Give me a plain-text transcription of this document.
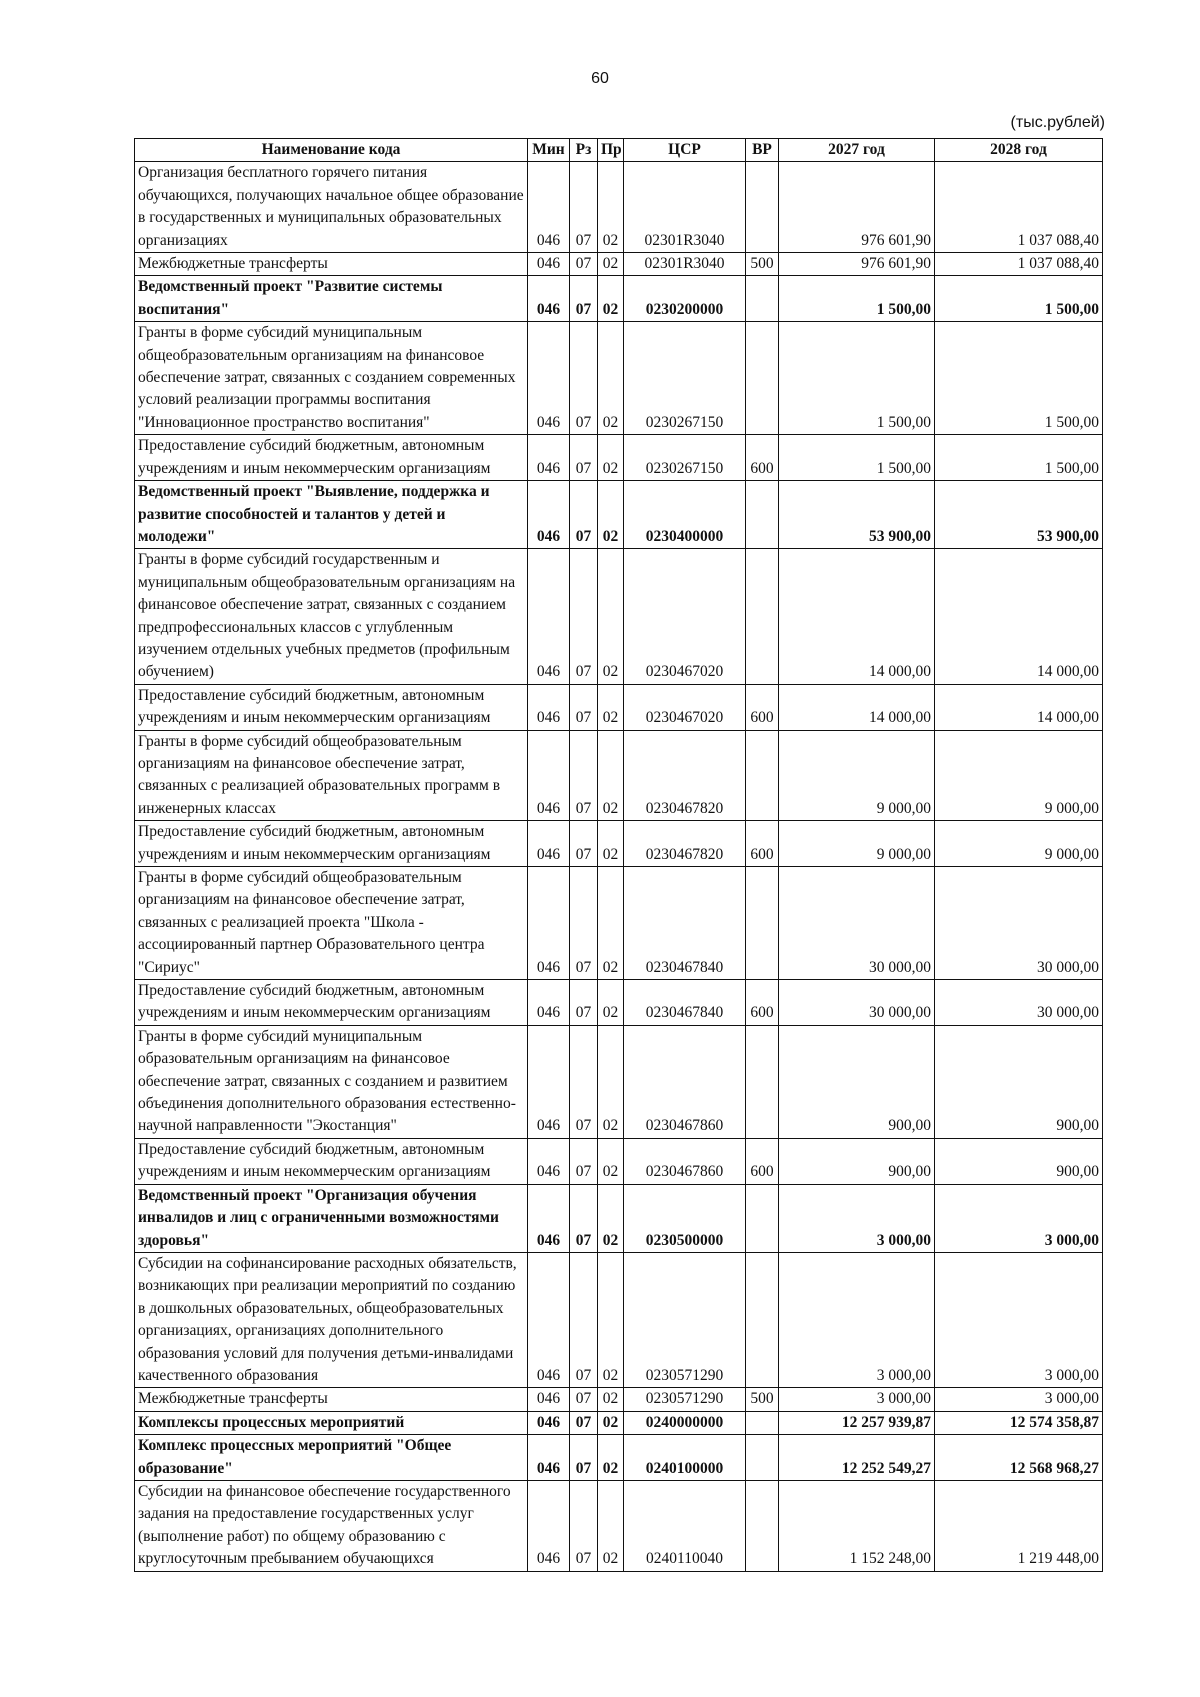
60
(тыс.рублей)
Наименование кода	Мин	Рз	Пр	ЦСР	ВР	2027 год	2028 год
Организация бесплатного горячего питания обучающихся, получающих начальное общее образование в государственных и муниципальных образовательных организациях	046	07	02	02301R3040		976 601,90	1 037 088,40
Межбюджетные трансферты	046	07	02	02301R3040	500	976 601,90	1 037 088,40
Ведомственный проект "Развитие системы воспитания"	046	07	02	0230200000		1 500,00	1 500,00
Гранты в форме субсидий муниципальным общеобразовательным организациям на финансовое обеспечение затрат, связанных с созданием современных условий реализации программы воспитания "Инновационное пространство воспитания"	046	07	02	0230267150		1 500,00	1 500,00
Предоставление субсидий бюджетным, автономным учреждениям и иным некоммерческим организациям	046	07	02	0230267150	600	1 500,00	1 500,00
Ведомственный проект "Выявление, поддержка и развитие способностей и талантов у детей и молодежи"	046	07	02	0230400000		53 900,00	53 900,00
Гранты в форме субсидий государственным и муниципальным общеобразовательным организациям на финансовое обеспечение затрат, связанных с созданием предпрофессиональных классов с углубленным изучением отдельных учебных предметов (профильным обучением)	046	07	02	0230467020		14 000,00	14 000,00
Предоставление субсидий бюджетным, автономным учреждениям и иным некоммерческим организациям	046	07	02	0230467020	600	14 000,00	14 000,00
Гранты в форме субсидий общеобразовательным организациям на финансовое обеспечение затрат, связанных с реализацией образовательных программ в инженерных классах	046	07	02	0230467820		9 000,00	9 000,00
Предоставление субсидий бюджетным, автономным учреждениям и иным некоммерческим организациям	046	07	02	0230467820	600	9 000,00	9 000,00
Гранты в форме субсидий общеобразовательным организациям на финансовое обеспечение затрат, связанных с реализацией проекта "Школа - ассоциированный партнер Образовательного центра "Сириус"	046	07	02	0230467840		30 000,00	30 000,00
Предоставление субсидий бюджетным, автономным учреждениям и иным некоммерческим организациям	046	07	02	0230467840	600	30 000,00	30 000,00
Гранты в форме субсидий муниципальным образовательным организациям на финансовое обеспечение затрат, связанных с созданием и развитием объединения дополнительного образования естественно-научной направленности "Экостанция"	046	07	02	0230467860		900,00	900,00
Предоставление субсидий бюджетным, автономным учреждениям и иным некоммерческим организациям	046	07	02	0230467860	600	900,00	900,00
Ведомственный проект "Организация обучения инвалидов и лиц с ограниченными возможностями здоровья"	046	07	02	0230500000		3 000,00	3 000,00
Субсидии на софинансирование расходных обязательств, возникающих при реализации мероприятий по созданию в дошкольных образовательных, общеобразовательных организациях, организациях дополнительного образования условий для получения детьми-инвалидами качественного образования	046	07	02	0230571290		3 000,00	3 000,00
Межбюджетные трансферты	046	07	02	0230571290	500	3 000,00	3 000,00
Комплексы процессных мероприятий	046	07	02	0240000000		12 257 939,87	12 574 358,87
Комплекс процессных мероприятий "Общее образование"	046	07	02	0240100000		12 252 549,27	12 568 968,27
Субсидии на финансовое обеспечение государственного задания на предоставление государственных услуг (выполнение работ) по общему образованию с круглосуточным пребыванием обучающихся	046	07	02	0240110040		1 152 248,00	1 219 448,00
